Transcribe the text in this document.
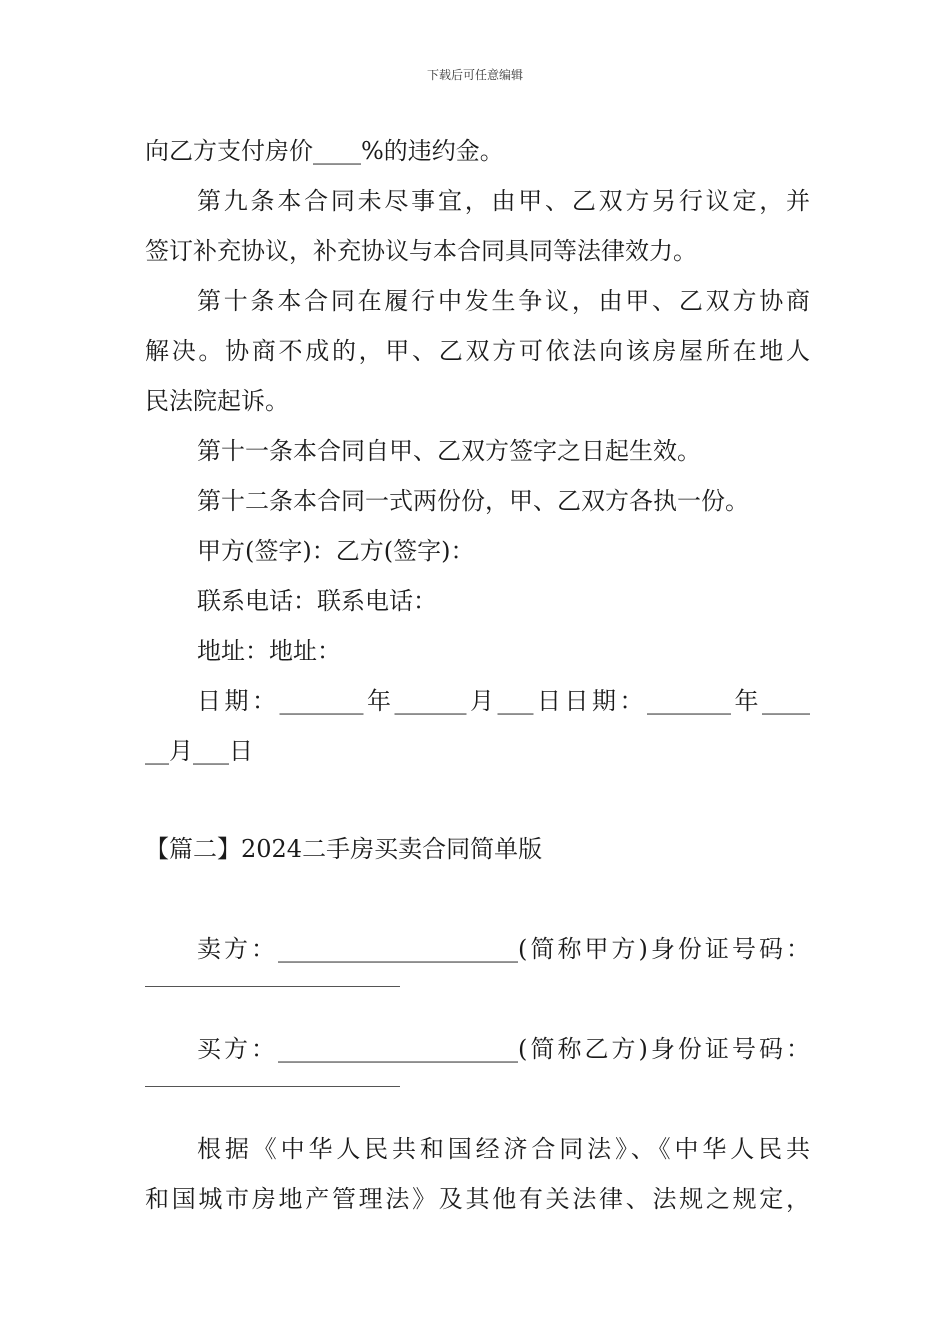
下载后可任意编辑
向乙方支付房价____%的违约金。
第九条本合同未尽事宜，由甲、乙双方另行议定，并
签订补充协议，补充协议与本合同具同等法律效力。
第十条本合同在履行中发生争议，由甲、乙双方协商
解决。协商不成的，甲、乙双方可依法向该房屋所在地人
民法院起诉。
第十一条本合同自甲、乙双方签字之日起生效。
第十二条本合同一式两份份，甲、乙双方各执一份。
甲方(签字)：乙方(签字)：
联系电话：联系电话：
地址：地址：
日期：_______年______月___日日期：_______年____
__月___日
【篇二】2024二手房买卖合同简单版
卖方：____________________(简称甲方)身份证号码：
买方：____________________(简称乙方)身份证号码：
根据《中华人民共和国经济合同法》、《中华人民共
和国城市房地产管理法》及其他有关法律、法规之规定，
